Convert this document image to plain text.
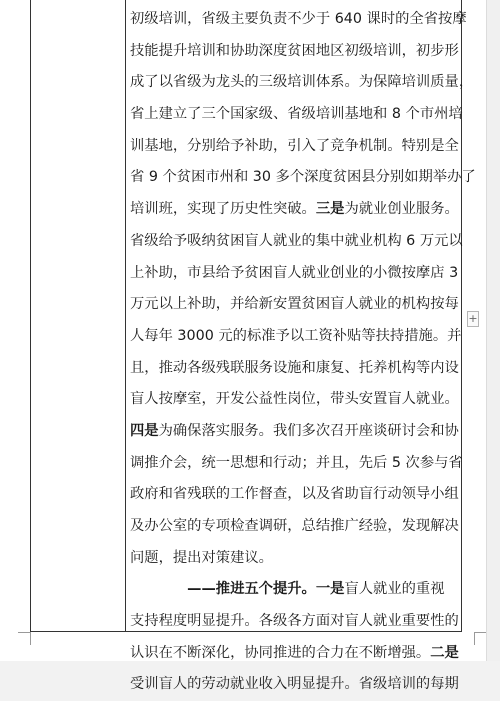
初级培训，省级主要负责不少于 640 课时的全省按摩
技能提升培训和协助深度贫困地区初级培训，初步形
成了以省级为龙头的三级培训体系。为保障培训质量，
省上建立了三个国家级、省级培训基地和 8 个市州培
训基地，分别给予补助，引入了竞争机制。特别是全
省 9 个贫困市州和 30 多个深度贫困县分别如期举办了
培训班，实现了历史性突破。三是为就业创业服务。
省级给予吸纳贫困盲人就业的集中就业机构 6 万元以
上补助，市县给予贫困盲人就业创业的小微按摩店 3
万元以上补助，并给新安置贫困盲人就业的机构按每
人每年 3000 元的标准予以工资补贴等扶持措施。并
且，推动各级残联服务设施和康复、托养机构等内设
盲人按摩室，开发公益性岗位，带头安置盲人就业。
四是为确保落实服务。我们多次召开座谈研讨会和协
调推介会，统一思想和行动；并且，先后 5 次参与省
政府和省残联的工作督查，以及省助盲行动领导小组
及办公室的专项检查调研，总结推广经验，发现解决
问题，提出对策建议。
　　　　——推进五个提升。一是盲人就业的重视
支持程度明显提升。各级各方面对盲人就业重要性的
认识在不断深化，协同推进的合力在不断增强。二是
受训盲人的劳动就业收入明显提升。省级培训的每期
+
